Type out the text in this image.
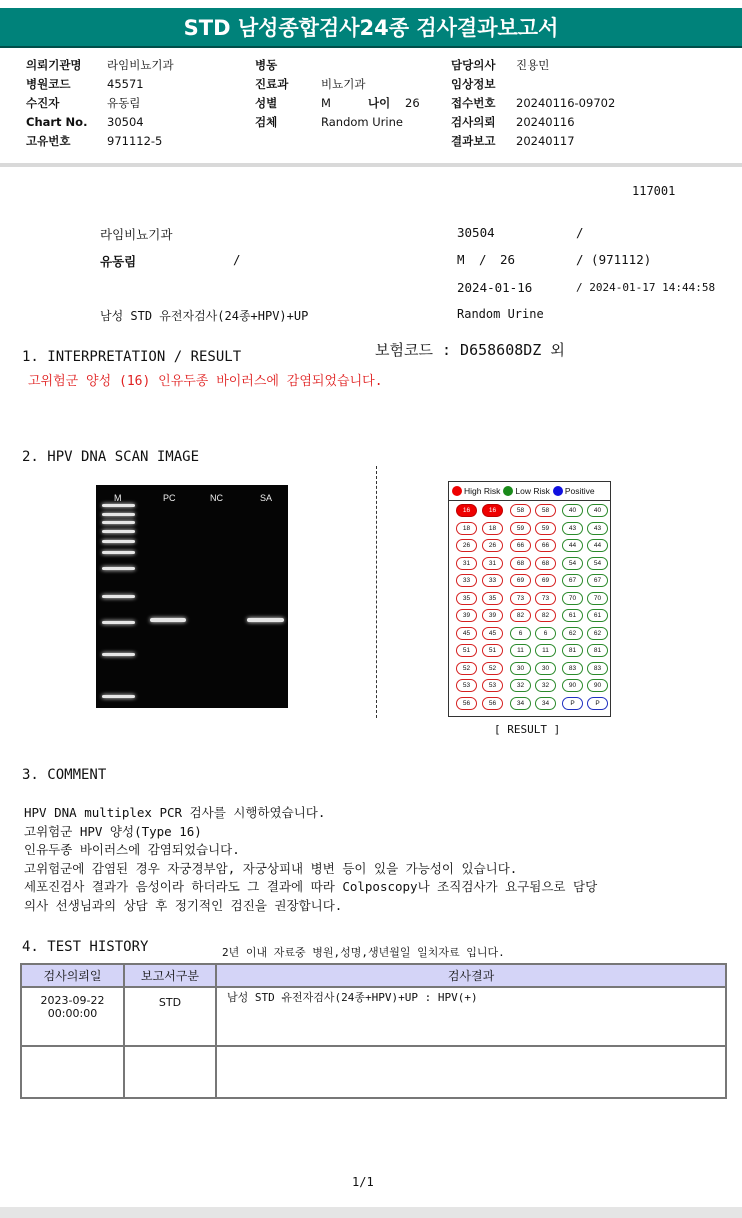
STD 남성종합검사24종 검사결과보고서
의뢰기관명	라임비뇨기과
병원코드	45571
수진자	유동림
Chart No.	30504
고유번호	971112-5
병동
진료과	비뇨기과
성별	M	나이	26
검체	Random Urine
담당의사	진용민
임상정보
접수번호	20240116-09702
검사의뢰	20240116
결과보고	20240117
117001
라임비뇨기과	30504	/
유동림	/	M / 26	/ (971112)
2024-01-16	/ 2024-01-17 14:44:58
남성 STD 유전자검사(24종+HPV)+UP	Random Urine
1. INTERPRETATION / RESULT	보험코드 : D658608DZ 외
고위험군 양성 (16) 인유두종 바이러스에 감염되었습니다.
2. HPV DNA SCAN IMAGE
M	PC	NC	SA
High Risk Low Risk Positive
16	16
18	18
26	26
31	31
33	33
35	35
39	39
45	45
51	51
52	52
53	53
56	56
58	58
59	59
66	66
68	68
69	69
73	73
82	82
6	6
11	11
30	30
32	32
34	34
40	40
43	43
44	44
54	54
67	67
70	70
61	61
62	62
81	81
83	83
90	90
P	P
[ RESULT ]
3. COMMENT
HPV DNA multiplex PCR 검사를 시행하였습니다.
고위험군 HPV 양성(Type 16)
인유두종 바이러스에 감염되었습니다.
고위험군에 감염된 경우 자궁경부암, 자궁상피내 병변 등이 있을 가능성이 있습니다.
세포진검사 결과가 음성이라 하더라도 그 결과에 따라 Colposcopy나 조직검사가 요구됨으로 담당
의사 선생님과의 상담 후 정기적인 검진을 권장합니다.
4. TEST HISTORY	2년 이내 자료중 병원,성명,생년월일 일치자료 입니다.
검사의뢰일	보고서구분	검사결과

2023-09-22
00:00:00	STD	남성 STD 유전자검사(24종+HPV)+UP : HPV(+)

1/1
